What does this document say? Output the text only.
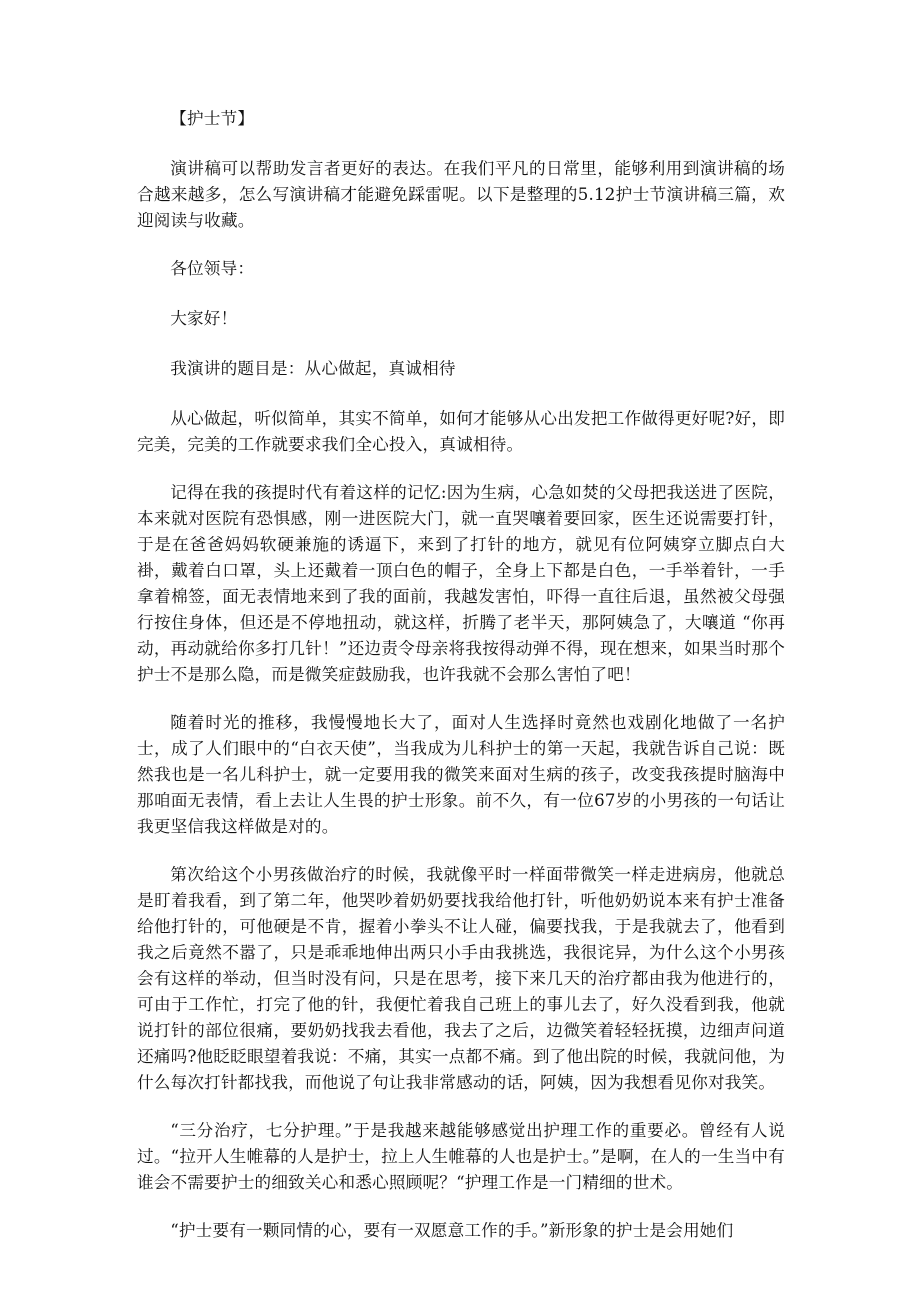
【护士节】

演讲稿可以帮助发言者更好的表达。在我们平凡的日常里，能够利用到演讲稿的场合越来越多，怎么写演讲稿才能避免踩雷呢。以下是整理的5.12护士节演讲稿三篇，欢迎阅读与收藏。

各位领导：

大家好！

我演讲的题目是：从心做起，真诚相待

从心做起，听似简单，其实不简单，如何才能够从心出发把工作做得更好呢?好，即完美，完美的工作就要求我们全心投入，真诚相待。

记得在我的孩提时代有着这样的记忆:因为生病，心急如焚的父母把我送进了医院，本来就对医院有恐惧感，刚一进医院大门，就一直哭嚷着要回家，医生还说需要打针，于是在爸爸妈妈软硬兼施的诱逼下，来到了打针的地方，就见有位阿姨穿立脚点白大褂，戴着白口罩，头上还戴着一顶白色的帽子，全身上下都是白色，一手举着针，一手拿着棉签，面无表情地来到了我的面前，我越发害怕，吓得一直往后退，虽然被父母强行按住身体，但还是不停地扭动，就这样，折腾了老半天，那阿姨急了，大嚷道 “你再动，再动就给你多打几针！”还边责令母亲将我按得动弹不得，现在想来，如果当时那个护士不是那么隐，而是微笑症鼓励我，也许我就不会那么害怕了吧！

随着时光的推移，我慢慢地长大了，面对人生选择时竟然也戏剧化地做了一名护士，成了人们眼中的“白衣天使”，当我成为儿科护士的第一天起，我就告诉自己说：既然我也是一名儿科护士，就一定要用我的微笑来面对生病的孩子，改变我孩提时脑海中那咱面无表情，看上去让人生畏的护士形象。前不久，有一位67岁的小男孩的一句话让我更坚信我这样做是对的。

第次给这个小男孩做治疗的时候，我就像平时一样面带微笑一样走进病房，他就总是盯着我看，到了第二年，他哭吵着奶奶要找我给他打针，听他奶奶说本来有护士准备给他打针的，可他硬是不肯，握着小拳头不让人碰，偏要找我，于是我就去了，他看到我之后竟然不嚣了，只是乖乖地伸出两只小手由我挑选，我很诧异，为什么这个小男孩会有这样的举动，但当时没有问，只是在思考，接下来几天的治疗都由我为他进行的，可由于工作忙，打完了他的针，我便忙着我自己班上的事儿去了，好久没看到我，他就说打针的部位很痛，要奶奶找我去看他，我去了之后，边微笑着轻轻抚摸，边细声问道还痛吗?他眨眨眼望着我说：不痛，其实一点都不痛。到了他出院的时候，我就问他，为什么每次打针都找我，而他说了句让我非常感动的话，阿姨，因为我想看见你对我笑。

“三分治疗，七分护理。”于是我越来越能够感觉出护理工作的重要必。曾经有人说过。“拉开人生帷幕的人是护士，拉上人生帷幕的人也是护士。”是啊，在人的一生当中有谁会不需要护士的细致关心和悉心照顾呢？“护理工作是一门精细的世术。

“护士要有一颗同情的心，要有一双愿意工作的手。”新形象的护士是会用她们
